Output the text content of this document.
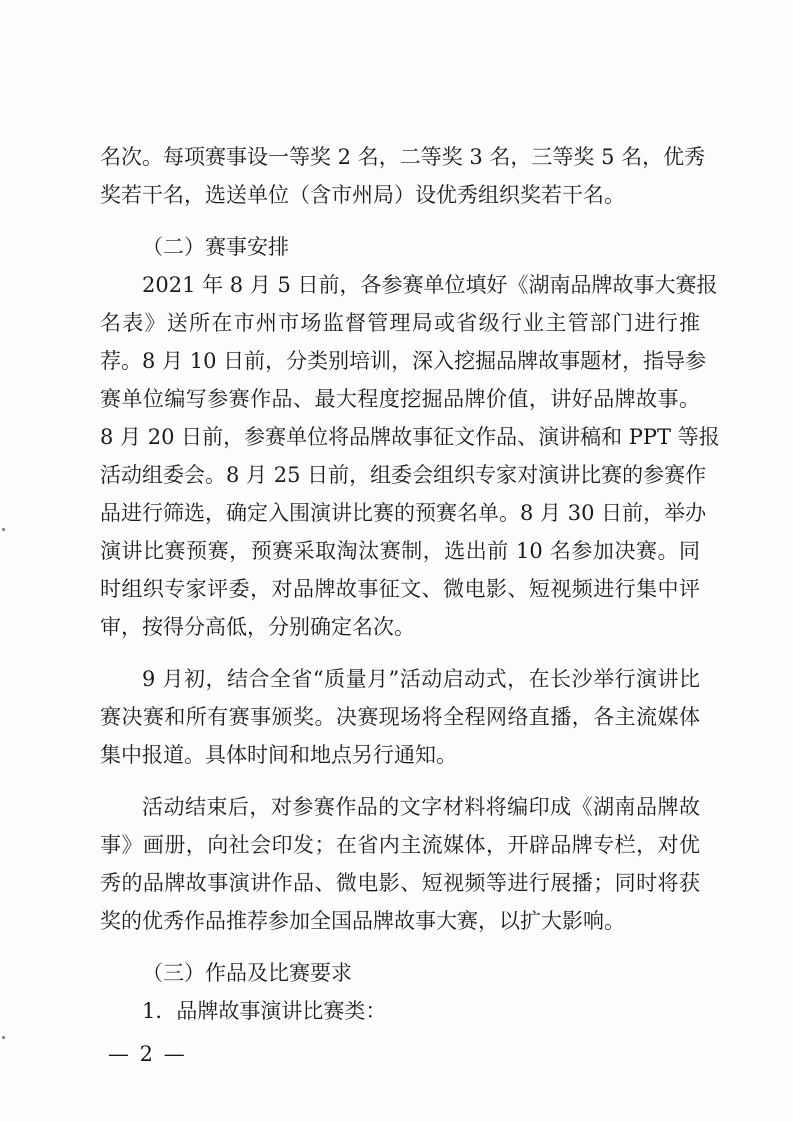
名次。每项赛事设一等奖 2 名，二等奖 3 名，三等奖 5 名，优秀
奖若干名，选送单位（含市州局）设优秀组织奖若干名。
（二）赛事安排
2021 年 8 月 5 日前，各参赛单位填好《湖南品牌故事大赛报
名表》送所在市州市场监督管理局或省级行业主管部门进行推
荐。8 月 10 日前，分类别培训，深入挖掘品牌故事题材，指导参
赛单位编写参赛作品、最大程度挖掘品牌价值，讲好品牌故事。
8 月 20 日前，参赛单位将品牌故事征文作品、演讲稿和 PPT 等报
活动组委会。8 月 25 日前，组委会组织专家对演讲比赛的参赛作
品进行筛选，确定入围演讲比赛的预赛名单。8 月 30 日前，举办
演讲比赛预赛，预赛采取淘汰赛制，选出前 10 名参加决赛。同
时组织专家评委，对品牌故事征文、微电影、短视频进行集中评
审，按得分高低，分别确定名次。
9 月初，结合全省“质量月”活动启动式，在长沙举行演讲比
赛决赛和所有赛事颁奖。决赛现场将全程网络直播，各主流媒体
集中报道。具体时间和地点另行通知。
活动结束后，对参赛作品的文字材料将编印成《湖南品牌故
事》画册，向社会印发；在省内主流媒体，开辟品牌专栏，对优
秀的品牌故事演讲作品、微电影、短视频等进行展播；同时将获
奖的优秀作品推荐参加全国品牌故事大赛，以扩大影响。
（三）作品及比赛要求
1．品牌故事演讲比赛类：
— 2 —
